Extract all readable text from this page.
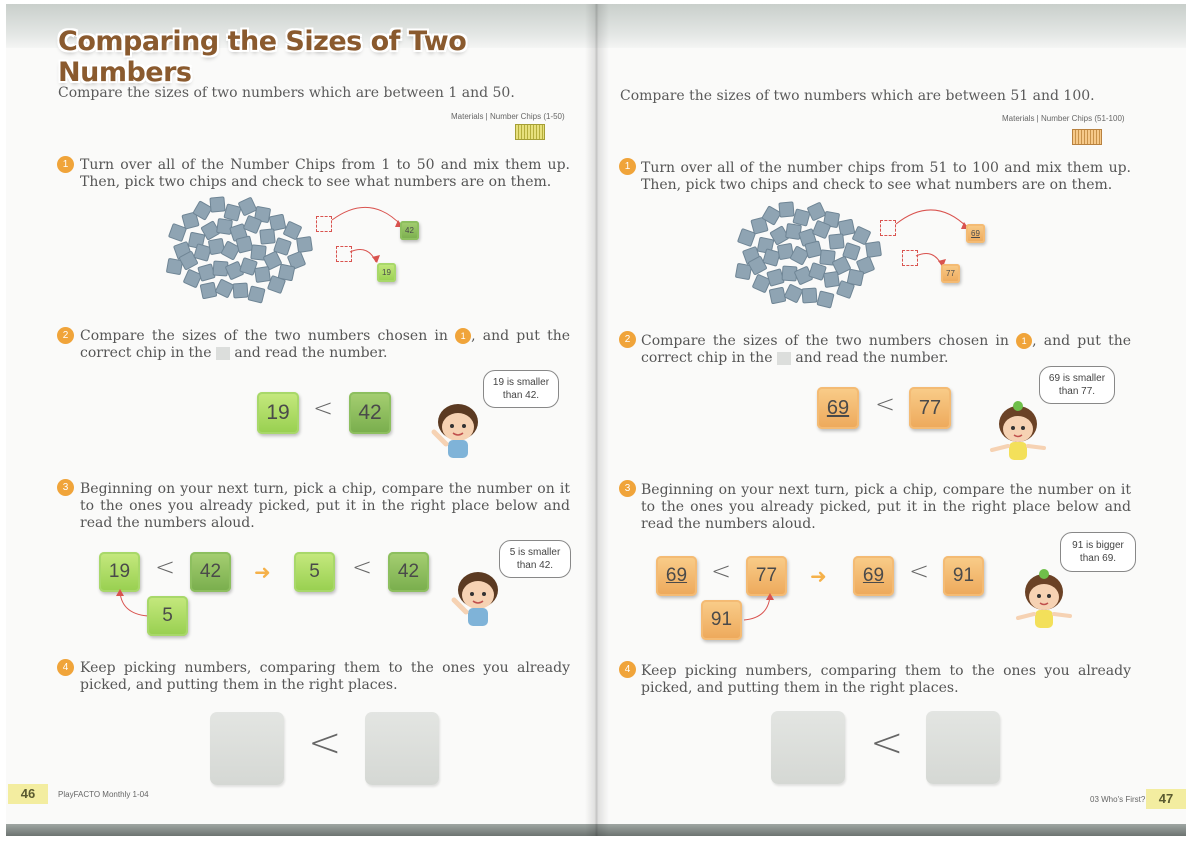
Comparing the Sizes of Two Numbers
Compare the sizes of two numbers which are between 1 and 50.
Materials | Number Chips (1-50)
1 Turn over all of the Number Chips from 1 to 50 and mix them up. Then, pick two chips and check to see what numbers are on them.
42
19
2 Compare the sizes of the two numbers chosen in 1 , and put the correct chip in the and read the number.
19 <	42
19 is smaller than 42.
3 Beginning on your next turn, pick a chip, compare the number on it to the ones you already picked, put it in the right place below and read the numbers aloud.
19	<	42	➜	5	<	42
5
5 is smaller than 42.
4 Keep picking numbers, comparing them to the ones you already picked, and putting them in the right places.
<
46	PlayFACTO Monthly 1-04
Compare the sizes of two numbers which are between 51 and 100.
Materials | Number Chips (51-100)
1 Turn over all of the number chips from 51 to 100 and mix them up. Then, pick two chips and check to see what numbers are on them.
69
77
2 Compare the sizes of the two numbers chosen in 1 , and put the correct chip in the and read the number.
69	<	77
69 is smaller than 77.
3 Beginning on your next turn, pick a chip, compare the number on it to the ones you already picked, put it in the right place below and read the numbers aloud.
69 <	77	➜	69	<	91
91
91 is bigger than 69.
4 Keep picking numbers, comparing them to the ones you already picked, and putting them in the right places.
<
03 Who's First?	47
